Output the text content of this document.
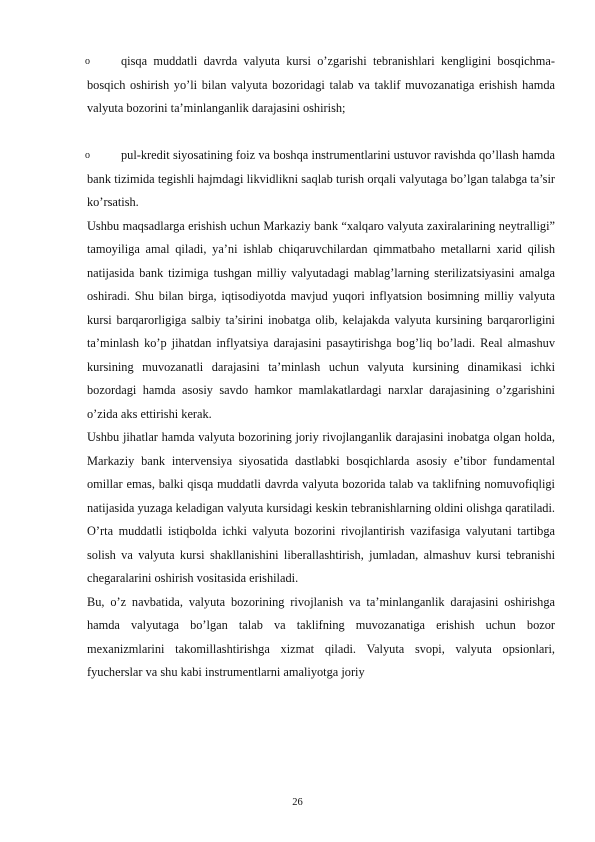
o	qisqa muddatli davrda valyuta kursi o’zgarishi tebranishlari kengligini bosqichma-bosqich oshirish yo’li bilan valyuta bozoridagi talab va taklif muvozanatiga erishish hamda valyuta bozorini ta’minlanganlik darajasini oshirish;
o	pul-kredit siyosatining foiz va boshqa instrumentlarini ustuvor ravishda qo’llash hamda bank tizimida tegishli hajmdagi likvidlikni saqlab turish orqali valyutaga bo’lgan talabga ta’sir ko’rsatish.

Ushbu maqsadlarga erishish uchun Markaziy bank “xalqaro valyuta zaxiralarining neytralligi” tamoyiliga amal qiladi, ya’ni ishlab chiqaruvchilardan qimmatbaho metallarni xarid qilish natijasida bank tizimiga tushgan milliy valyutadagi mablag’larning sterilizatsiyasini amalga oshiradi. Shu bilan birga, iqtisodiyotda mavjud yuqori inflyatsion bosimning milliy valyuta kursi barqarorligiga salbiy ta’sirini inobatga olib, kelajakda valyuta kursining barqarorligini ta’minlash ko’p jihatdan inflyatsiya darajasini pasaytirishga bog’liq bo’ladi. Real almashuv kursining muvozanatli darajasini ta’minlash uchun valyuta kursining dinamikasi ichki bozordagi hamda asosiy savdo hamkor mamlakatlardagi narxlar darajasining o’zgarishini o’zida aks ettirishi kerak.

Ushbu jihatlar hamda valyuta bozorining joriy rivojlanganlik darajasini inobatga olgan holda, Markaziy bank intervensiya siyosatida dastlabki bosqichlarda asosiy e’tibor fundamental omillar emas, balki qisqa muddatli davrda valyuta bozorida talab va taklifning nomuvofiqligi natijasida yuzaga keladigan valyuta kursidagi keskin tebranishlarning oldini olishga qaratiladi. O’rta muddatli istiqbolda ichki valyuta bozorini rivojlantirish vazifasiga valyutani tartibga solish va valyuta kursi shakllanishini liberallashtirish, jumladan, almashuv kursi tebranishi chegaralarini oshirish vositasida erishiladi.

Bu, o’z navbatida, valyuta bozorining rivojlanish va ta’minlanganlik darajasini oshirishga hamda valyutaga bo’lgan talab va taklifning muvozanatiga erishish uchun bozor mexanizmlarini takomillashtirishga xizmat qiladi. Valyuta svopi, valyuta opsionlari, fyucherslar va shu kabi instrumentlarni amaliyotga joriy

26
